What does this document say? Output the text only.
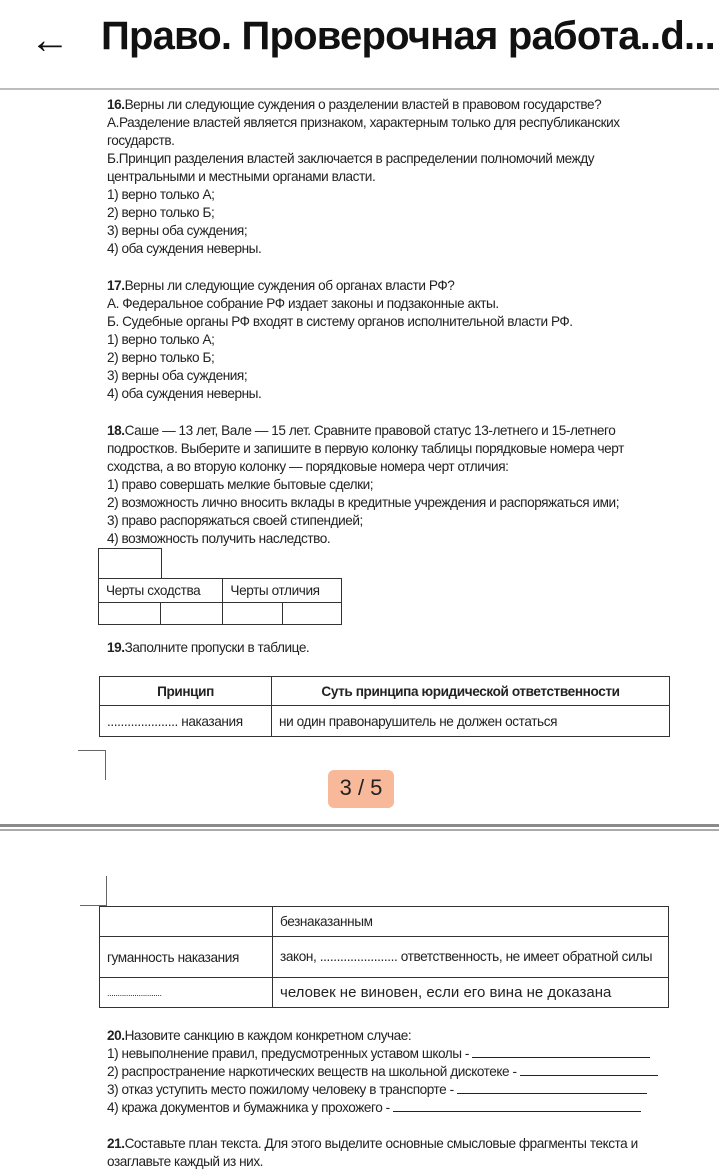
← Право. Проверочная работа..d...
16.Верны ли следующие суждения о разделении властей в правовом государстве?
А.Разделение властей является признаком, характерным только для республиканских
государств.
Б.Принцип разделения властей заключается в распределении полномочий между
центральными и местными органами власти.
1) верно только А;
2) верно только Б;
3) верны оба суждения;
4) оба суждения неверны.
17.Верны ли следующие суждения об органах власти РФ?
А. Федеральное собрание РФ издает законы и подзаконные акты.
Б. Судебные органы РФ входят в систему органов исполнительной власти РФ.
1) верно только А;
2) верно только Б;
3) верны оба суждения;
4) оба суждения неверны.
18.Саше — 13 лет, Вале — 15 лет. Сравните правовой статус 13-летнего и 15-летнего
подростков. Выберите и запишите в первую колонку таблицы порядковые номера черт
сходства, а во вторую колонку — порядковые номера черт отличия:
1) право совершать мелкие бытовые сделки;
2) возможность лично вносить вклады в кредитные учреждения и распоряжаться ими;
3) право распоряжаться своей стипендией;
4) возможность получить наследство.
Черты сходства		Черты отличия	

19.Заполните пропуски в таблице.
Принцип	Суть принципа юридической ответственности
..................... наказания	ни один правонарушитель не должен остаться
	безнаказанным
гуманность наказания	закон, ....................... ответственность, не имеет обратной силы
..........................	человек не виновен, если его вина не доказана
20.Назовите санкцию в каждом конкретном случае:
1) невыполнение правил, предусмотренных уставом школы -
2) распространение наркотических веществ на школьной дискотеке -
3) отказ уступить место пожилому человеку в транспорте -
4) кража документов и бумажника у прохожего -
21.Составьте план текста. Для этого выделите основные смысловые фрагменты текста и
озаглавьте каждый из них.
3 / 5
